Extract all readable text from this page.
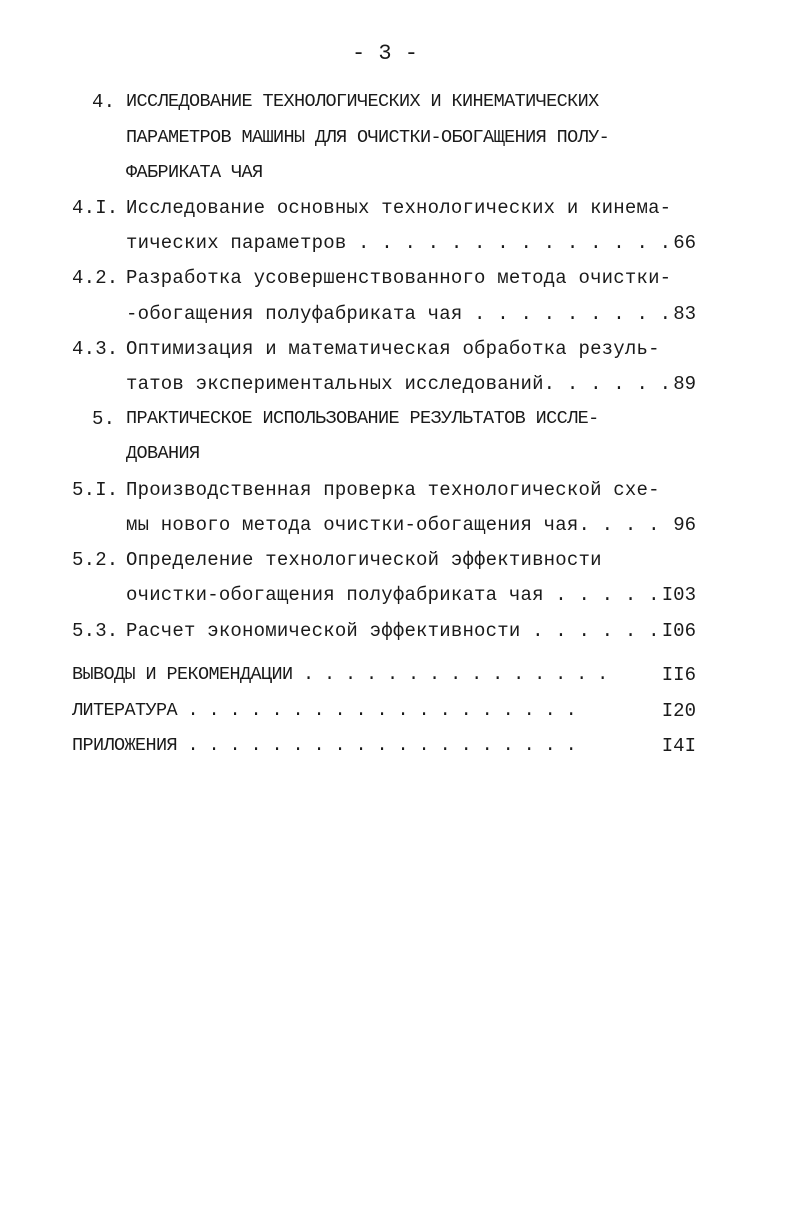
- 3 -
4. ИССЛЕДОВАНИЕ ТЕХНОЛОГИЧЕСКИХ И КИНЕМАТИЧЕСКИХ
ПАРАМЕТРОВ МАШИНЫ ДЛЯ ОЧИСТКИ-ОБОГАЩЕНИЯ ПОЛУ-
ФАБРИКАТА ЧАЯ
4.I. Исследование основных технологических и кинема-
тических параметров . . . . . . . . . . . . . . 66
4.2. Разработка усовершенствованного метода очистки-
-обогащения полуфабриката чая . . . . . . . . . 83
4.3. Оптимизация и математическая обработка резуль-
татов экспериментальных исследований. . . . . . 89
5. ПРАКТИЧЕСКОЕ ИСПОЛЬЗОВАНИЕ РЕЗУЛЬТАТОВ ИССЛЕ-
ДОВАНИЯ
5.I. Производственная проверка технологической схе-
мы нового метода очистки-обогащения чая. . . . 96
5.2. Определение технологической эффективности
очистки-обогащения полуфабриката чая . . . . . I03
5.3. Расчет экономической эффективности . . . . . . I06
ВЫВОДЫ И РЕКОМЕНДАЦИИ . . . . . . . . . . . . . . .	II6
ЛИТЕРАТУРА . . . . . . . . . . . . . . . . . . .	I20
ПРИЛОЖЕНИЯ . . . . . . . . . . . . . . . . . . .	I4I
